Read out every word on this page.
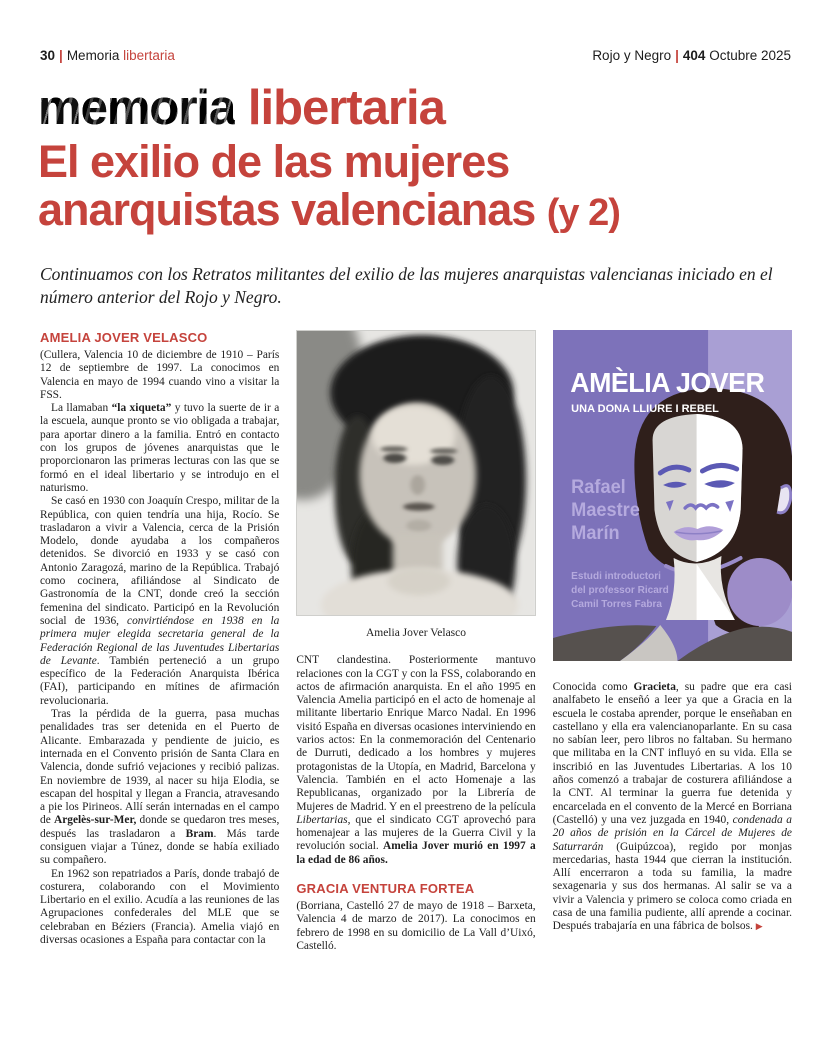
30 | Memoria libertaria	Rojo y Negro | 404 Octubre 2025
memoria libertaria
El exilio de las mujeres
anarquistas valencianas (y 2)
Continuamos con los Retratos militantes del exilio de las mujeres anarquistas valencianas iniciado en el número anterior del Rojo y Negro.
AMELIA JOVER VELASCO

(Cullera, Valencia 10 de diciembre de 1910 – París 12 de septiembre de 1997. La conocimos en Valencia en mayo de 1994 cuando vino a visitar la FSS.

La llamaban “la xiqueta” y tuvo la suerte de ir a la escuela, aunque pronto se vio obligada a trabajar, para aportar dinero a la familia. Entró en contacto con los grupos de jóvenes anarquistas que le proporcionaron las primeras lecturas con las que se formó en el ideal libertario y se introdujo en el naturismo.

Se casó en 1930 con Joaquín Crespo, militar de la República, con quien tendría una hija, Rocío. Se trasladaron a vivir a Valencia, cerca de la Prisión Modelo, donde ayudaba a los compañeros detenidos. Se divorció en 1933 y se casó con Antonio Zaragozá, marino de la República. Trabajó como cocinera, afiliándose al Sindicato de Gastronomía de la CNT, donde creó la sección femenina del sindicato. Participó en la Revolución social de 1936, convirtiéndose en 1938 en la primera mujer elegida secretaria general de la Federación Regional de las Juventudes Libertarias de Levante. También perteneció a un grupo específico de la Federación Anarquista Ibérica (FAI), participando en mítines de afirmación revolucionaria.

Tras la pérdida de la guerra, pasa muchas penalidades tras ser detenida en el Puerto de Alicante. Embarazada y pendiente de juicio, es internada en el Convento prisión de Santa Clara en Valencia, donde sufrió vejaciones y recibió palizas. En noviembre de 1939, al nacer su hija Elodia, se escapan del hospital y llegan a Francia, atravesando a pie los Pirineos. Allí serán internadas en el campo de Argelès-sur-Mer, donde se quedaron tres meses, después las trasladaron a Bram. Más tarde consiguen viajar a Túnez, donde se había exiliado su compañero.

En 1962 son repatriados a París, donde trabajó de costurera, colaborando con el Movimiento Libertario en el exilio. Acudía a las reuniones de las Agrupaciones confederales del MLE que se celebraban en Béziers (Francia). Amelia viajó en diversas ocasiones a España para contactar con la

Amelia Jover Velasco

CNT clandestina. Posteriormente mantuvo relaciones con la CGT y con la FSS, colaborando en actos de afirmación anarquista. En el año 1995 en Valencia Amelia participó en el acto de homenaje al militante libertario Enrique Marco Nadal. En 1996 visitó España en diversas ocasiones interviniendo en varios actos: En la conmemoración del Centenario de Durruti, dedicado a los hombres y mujeres protagonistas de la Utopía, en Madrid, Barcelona y Valencia. También en el acto Homenaje a las Republicanas, organizado por la Librería de Mujeres de Madrid. Y en el preestreno de la película Libertarias, que el sindicato CGT aprovechó para homenajear a las mujeres de la Guerra Civil y la revolución social. Amelia Jover murió en 1997 a la edad de 86 años.

GRACIA VENTURA FORTEA

(Borriana, Castelló 27 de mayo de 1918 – Barxeta, Valencia 4 de marzo de 2017). La conocimos en febrero de 1998 en su domicilio de La Vall d’Uixó, Castelló.

AMÈLIA JOVER
UNA DONA LLIURE I REBEL
Rafael
Maestre
Marín
Estudi introductori
del professor Ricard
Camil Torres Fabra

Conocida como Gracieta, su padre que era casi analfabeto le enseñó a leer ya que a Gracia en la escuela le costaba aprender, porque le enseñaban en castellano y ella era valencianoparlante. En su casa no sabían leer, pero libros no faltaban. Su hermano que militaba en la CNT influyó en su vida. Ella se inscribió en las Juventudes Libertarias. A los 10 años comenzó a trabajar de costurera afiliándose a la CNT. Al terminar la guerra fue detenida y encarcelada en el convento de la Mercé en Borriana (Castelló) y una vez juzgada en 1940, condenada a 20 años de prisión en la Cárcel de Mujeres de Saturrarán (Guipúzcoa), regido por monjas mercedarias, hasta 1944 que cierran la institución. Allí encerraron a toda su familia, la madre sexagenaria y sus dos hermanas. Al salir se va a vivir a Valencia y primero se coloca como criada en casa de una familia pudiente, allí aprende a cocinar. Después trabajaría en una fábrica de bolsos. ▶
